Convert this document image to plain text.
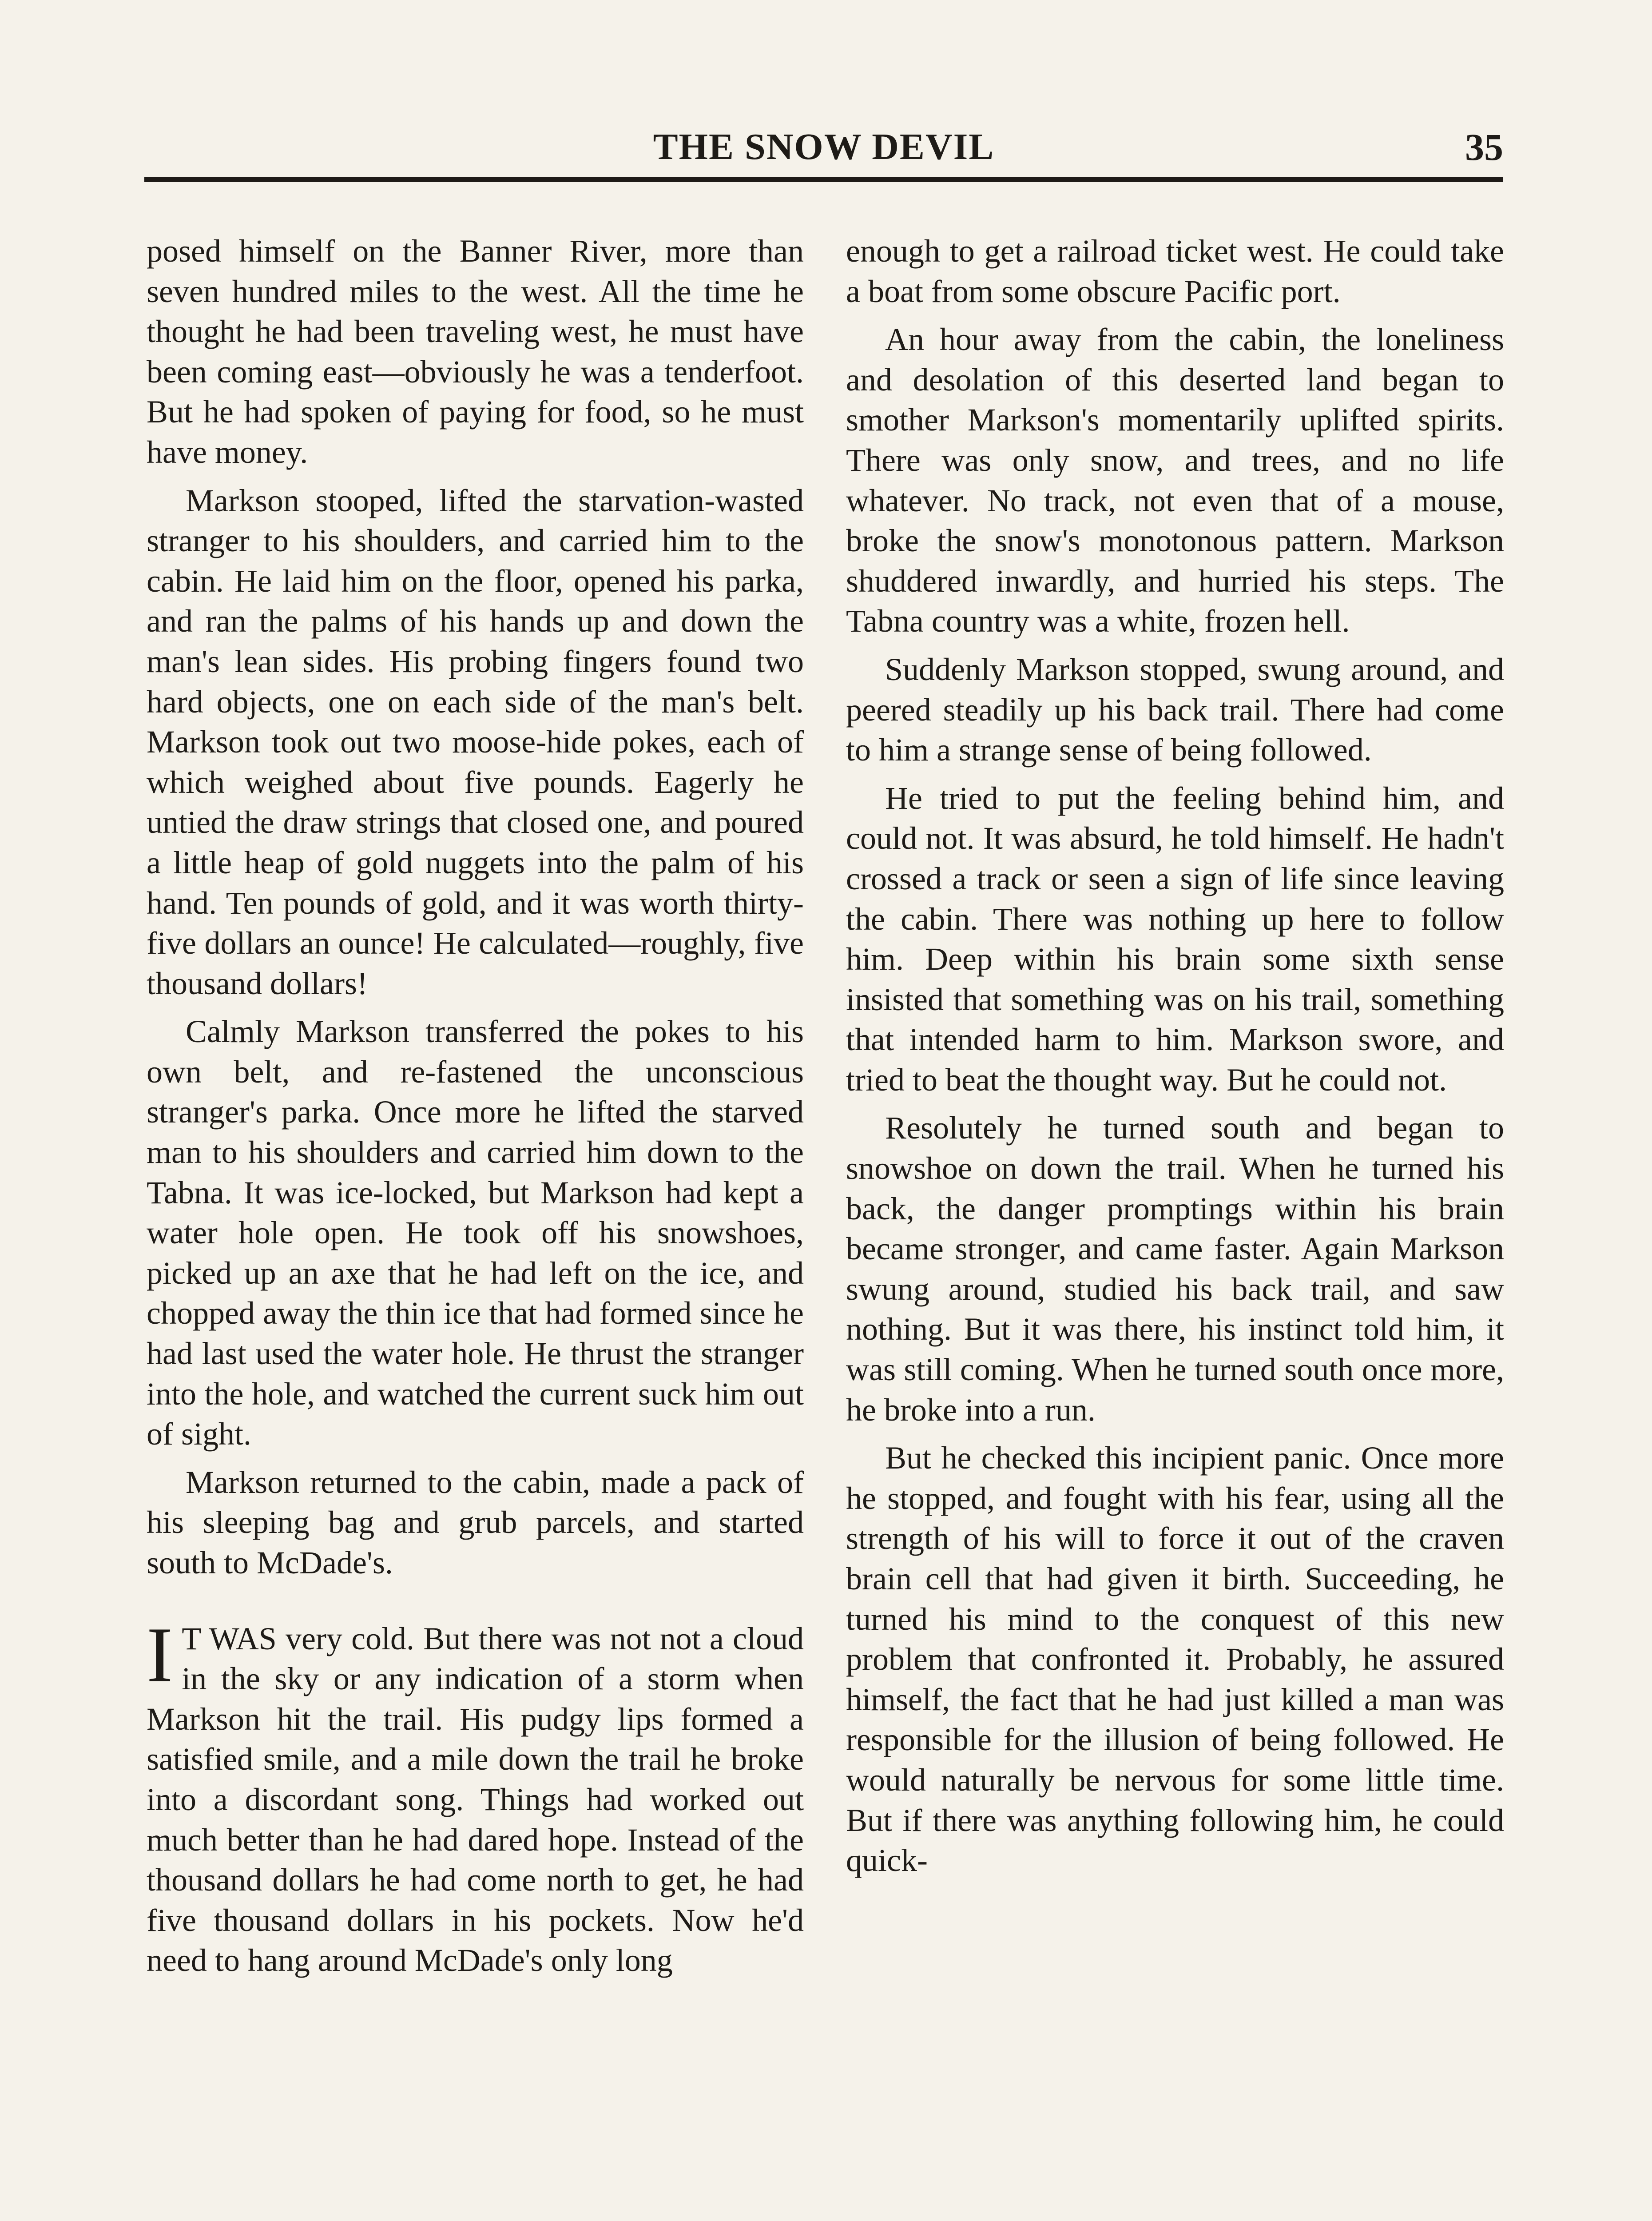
THE SNOW DEVIL	35

posed himself on the Banner River, more than seven hundred miles to the west. All the time he thought he had been traveling west, he must have been coming east—obviously he was a tenderfoot. But he had spoken of paying for food, so he must have money.

Markson stooped, lifted the starvation-wasted stranger to his shoulders, and carried him to the cabin. He laid him on the floor, opened his parka, and ran the palms of his hands up and down the man's lean sides. His probing fingers found two hard objects, one on each side of the man's belt. Markson took out two moose-hide pokes, each of which weighed about five pounds. Eagerly he untied the draw strings that closed one, and poured a little heap of gold nuggets into the palm of his hand. Ten pounds of gold, and it was worth thirty-five dollars an ounce! He calculated—roughly, five thousand dollars!

Calmly Markson transferred the pokes to his own belt, and re-fastened the unconscious stranger's parka. Once more he lifted the starved man to his shoulders and carried him down to the Tabna. It was ice-locked, but Markson had kept a water hole open. He took off his snowshoes, picked up an axe that he had left on the ice, and chopped away the thin ice that had formed since he had last used the water hole. He thrust the stranger into the hole, and watched the current suck him out of sight.

Markson returned to the cabin, made a pack of his sleeping bag and grub parcels, and started south to McDade's.

I T WAS very cold. But there was not not a cloud in the sky or any indication of a storm when Markson hit the trail. His pudgy lips formed a satisfied smile, and a mile down the trail he broke into a discordant song. Things had worked out much better than he had dared hope. Instead of the thousand dollars he had come north to get, he had five thousand dollars in his pockets. Now he'd need to hang around McDade's only long

enough to get a railroad ticket west. He could take a boat from some obscure Pacific port.

An hour away from the cabin, the loneliness and desolation of this deserted land began to smother Markson's momentarily uplifted spirits. There was only snow, and trees, and no life whatever. No track, not even that of a mouse, broke the snow's monotonous pattern. Markson shuddered inwardly, and hurried his steps. The Tabna country was a white, frozen hell.

Suddenly Markson stopped, swung around, and peered steadily up his back trail. There had come to him a strange sense of being followed.

He tried to put the feeling behind him, and could not. It was absurd, he told himself. He hadn't crossed a track or seen a sign of life since leaving the cabin. There was nothing up here to follow him. Deep within his brain some sixth sense insisted that something was on his trail, something that intended harm to him. Markson swore, and tried to beat the thought way. But he could not.

Resolutely he turned south and began to snowshoe on down the trail. When he turned his back, the danger promptings within his brain became stronger, and came faster. Again Markson swung around, studied his back trail, and saw nothing. But it was there, his instinct told him, it was still coming. When he turned south once more, he broke into a run.

But he checked this incipient panic. Once more he stopped, and fought with his fear, using all the strength of his will to force it out of the craven brain cell that had given it birth. Succeeding, he turned his mind to the conquest of this new problem that confronted it. Probably, he assured himself, the fact that he had just killed a man was responsible for the illusion of being followed. He would naturally be nervous for some little time. But if there was anything following him, he could quick-
